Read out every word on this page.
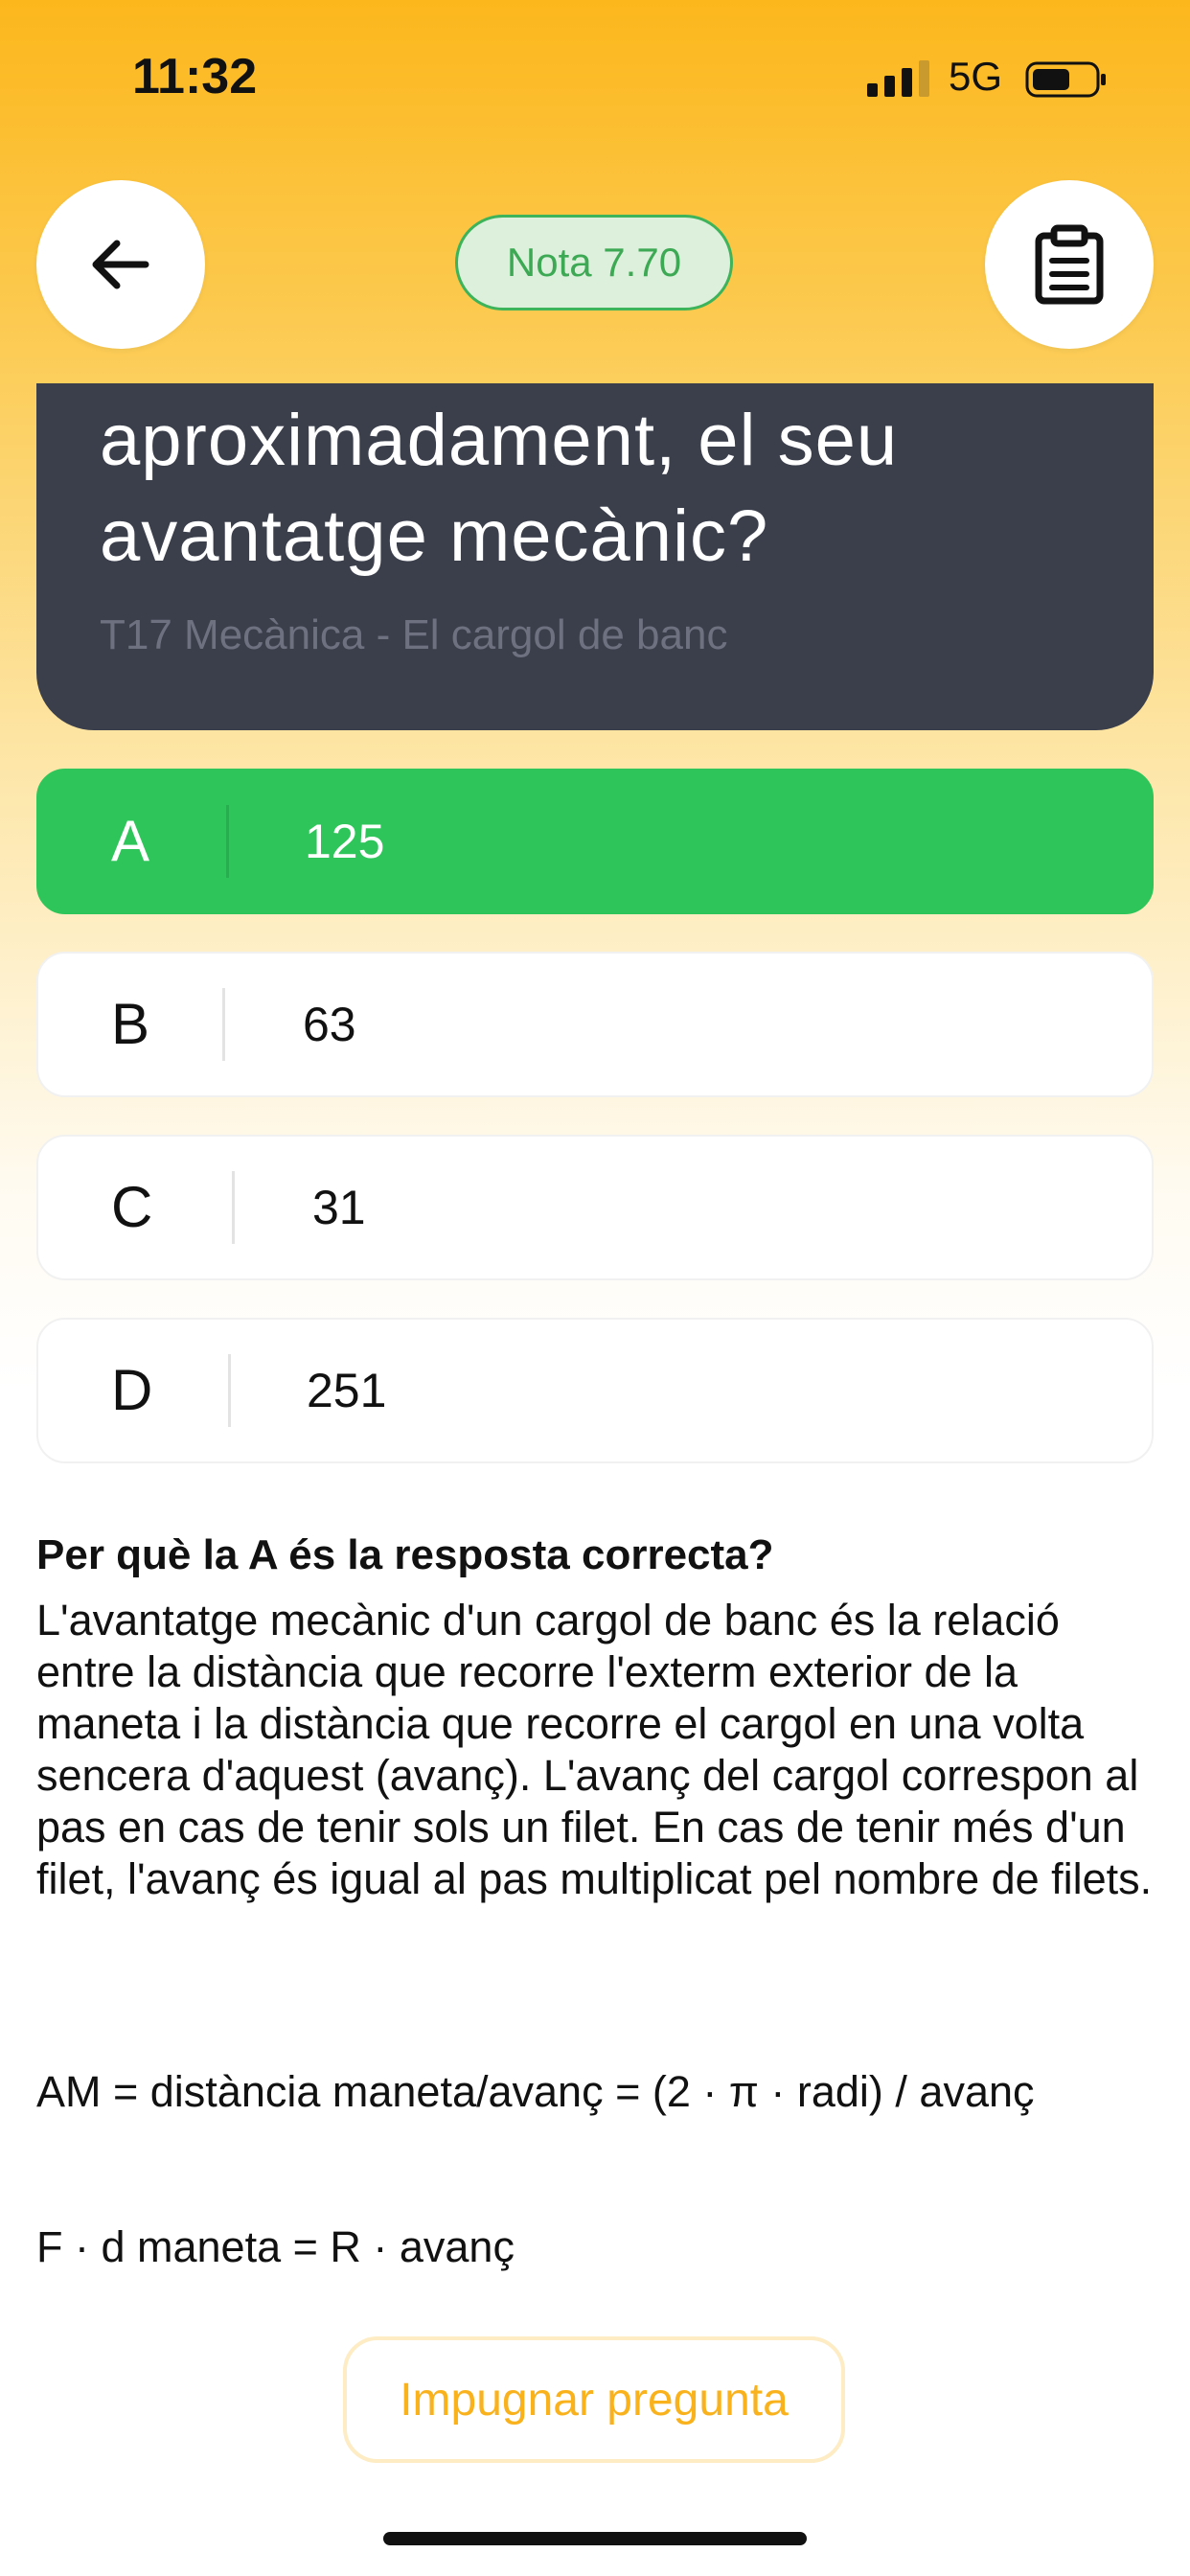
11:32	5G
Nota 7.70
aproximadament, el seu avantatge mecànic?
T17 Mecànica - El cargol de banc
A	125
B	63
C	31
D	251
Per què la A és la resposta correcta?
L'avantatge mecànic d'un cargol de banc és la relació entre la distància que recorre l'exterm exterior de la maneta i la distància que recorre el cargol en una volta sencera d'aquest (avanç). L'avanç del cargol correspon al pas en cas de tenir sols un filet. En cas de tenir més d'un filet, l'avanç és igual al pas multiplicat pel nombre de filets.
AM = distància maneta/avanç = (2 · π · radi) / avanç
F · d maneta = R · avanç
Impugnar pregunta
